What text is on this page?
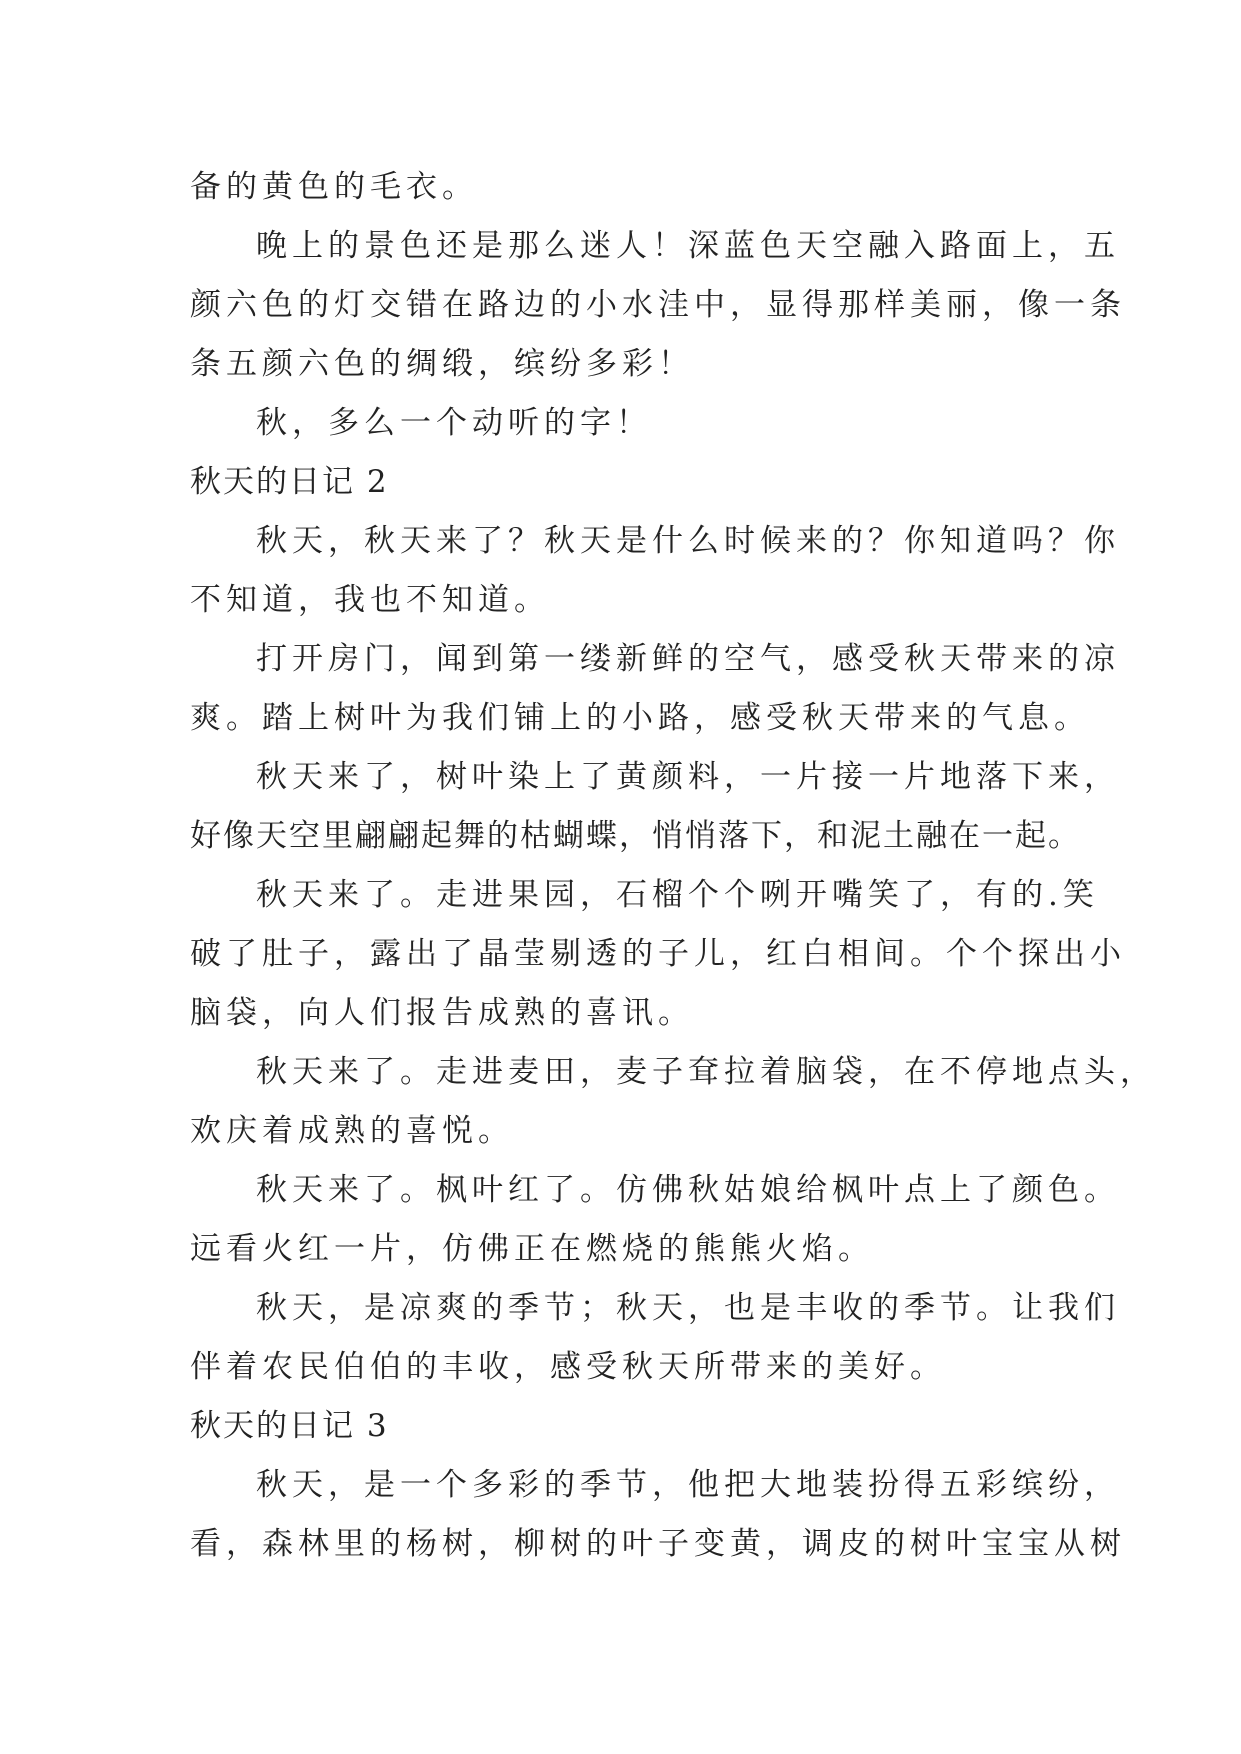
备的黄色的毛衣。
晚上的景色还是那么迷人！深蓝色天空融入路面上，五
颜六色的灯交错在路边的小水洼中，显得那样美丽，像一条
条五颜六色的绸缎，缤纷多彩！
秋，多么一个动听的字！
秋天的日记 2
秋天，秋天来了？秋天是什么时候来的？你知道吗？你
不知道，我也不知道。
打开房门，闻到第一缕新鲜的空气，感受秋天带来的凉
爽。踏上树叶为我们铺上的小路，感受秋天带来的气息。
秋天来了，树叶染上了黄颜料，一片接一片地落下来，
好像天空里翩翩起舞的枯蝴蝶，悄悄落下，和泥土融在一起。
秋天来了。走进果园，石榴个个咧开嘴笑了，有的.笑
破了肚子，露出了晶莹剔透的子儿，红白相间。个个探出小
脑袋，向人们报告成熟的喜讯。
秋天来了。走进麦田，麦子耷拉着脑袋，在不停地点头，
欢庆着成熟的喜悦。
秋天来了。枫叶红了。仿佛秋姑娘给枫叶点上了颜色。
远看火红一片，仿佛正在燃烧的熊熊火焰。
秋天，是凉爽的季节；秋天，也是丰收的季节。让我们
伴着农民伯伯的丰收，感受秋天所带来的美好。
秋天的日记 3
秋天，是一个多彩的季节，他把大地装扮得五彩缤纷，
看，森林里的杨树，柳树的叶子变黄，调皮的树叶宝宝从树
